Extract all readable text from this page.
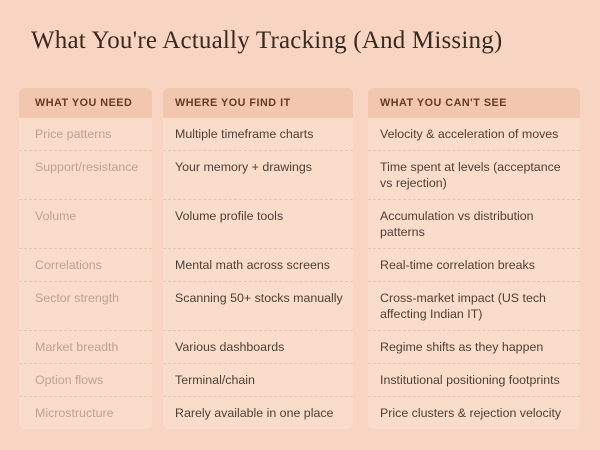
What You're Actually Tracking (And Missing)
WHAT YOU NEED	WHERE YOU FIND IT	WHAT YOU CAN'T SEE
Price patterns	Multiple timeframe charts	Velocity & acceleration of moves
Support/resistance	Your memory + drawings	Time spent at levels (acceptance vs rejection)
Volume	Volume profile tools	Accumulation vs distribution patterns
Correlations	Mental math across screens	Real-time correlation breaks
Sector strength	Scanning 50+ stocks manually	Cross-market impact (US tech affecting Indian IT)
Market breadth	Various dashboards	Regime shifts as they happen
Option flows	Terminal/chain	Institutional positioning footprints
Microstructure	Rarely available in one place	Price clusters & rejection velocity
